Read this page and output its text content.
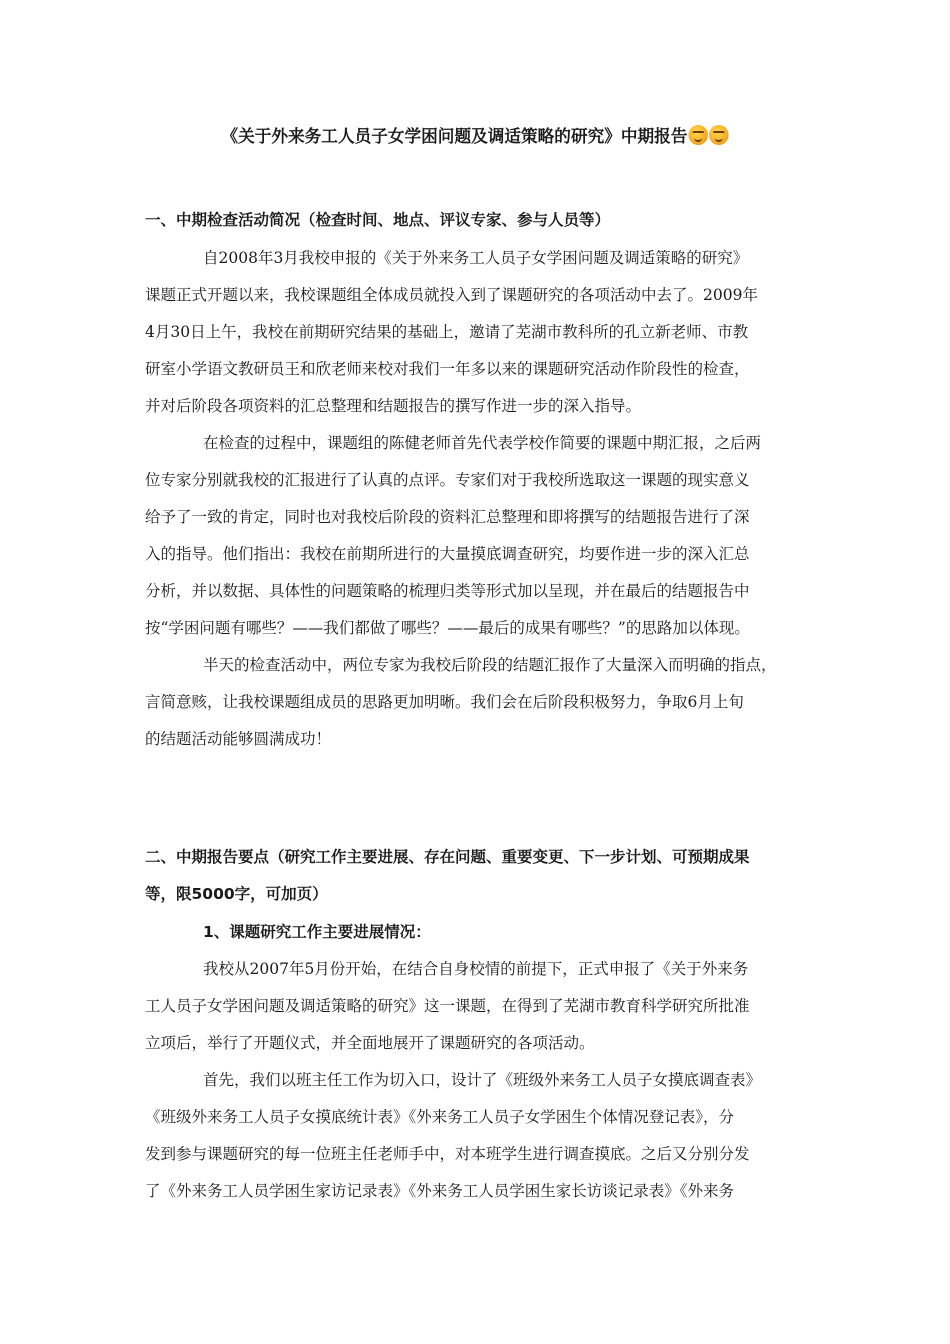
《关于外来务工人员子女学困问题及调适策略的研究》中期报告
一、中期检查活动简况（检查时间、地点、评议专家、参与人员等）
自2008年3月我校申报的《关于外来务工人员子女学困问题及调适策略的研究》
课题正式开题以来，我校课题组全体成员就投入到了课题研究的各项活动中去了。2009年
4月30日上午，我校在前期研究结果的基础上，邀请了芜湖市教科所的孔立新老师、市教
研室小学语文教研员王和欣老师来校对我们一年多以来的课题研究活动作阶段性的检查，
并对后阶段各项资料的汇总整理和结题报告的撰写作进一步的深入指导。
在检查的过程中，课题组的陈健老师首先代表学校作简要的课题中期汇报，之后两
位专家分别就我校的汇报进行了认真的点评。专家们对于我校所选取这一课题的现实意义
给予了一致的肯定，同时也对我校后阶段的资料汇总整理和即将撰写的结题报告进行了深
入的指导。他们指出：我校在前期所进行的大量摸底调查研究，均要作进一步的深入汇总
分析，并以数据、具体性的问题策略的梳理归类等形式加以呈现，并在最后的结题报告中
按“学困问题有哪些？——我们都做了哪些？——最后的成果有哪些？”的思路加以体现。
半天的检查活动中，两位专家为我校后阶段的结题汇报作了大量深入而明确的指点，
言简意赅，让我校课题组成员的思路更加明晰。我们会在后阶段积极努力，争取6月上旬
的结题活动能够圆满成功！
二、中期报告要点（研究工作主要进展、存在问题、重要变更、下一步计划、可预期成果
等，限5000字，可加页）
1、课题研究工作主要进展情况：
我校从2007年5月份开始，在结合自身校情的前提下，正式申报了《关于外来务
工人员子女学困问题及调适策略的研究》这一课题，在得到了芜湖市教育科学研究所批准
立项后，举行了开题仪式，并全面地展开了课题研究的各项活动。
首先，我们以班主任工作为切入口，设计了《班级外来务工人员子女摸底调查表》
《班级外来务工人员子女摸底统计表》《外来务工人员子女学困生个体情况登记表》，分
发到参与课题研究的每一位班主任老师手中，对本班学生进行调查摸底。之后又分别分发
了《外来务工人员学困生家访记录表》《外来务工人员学困生家长访谈记录表》《外来务
